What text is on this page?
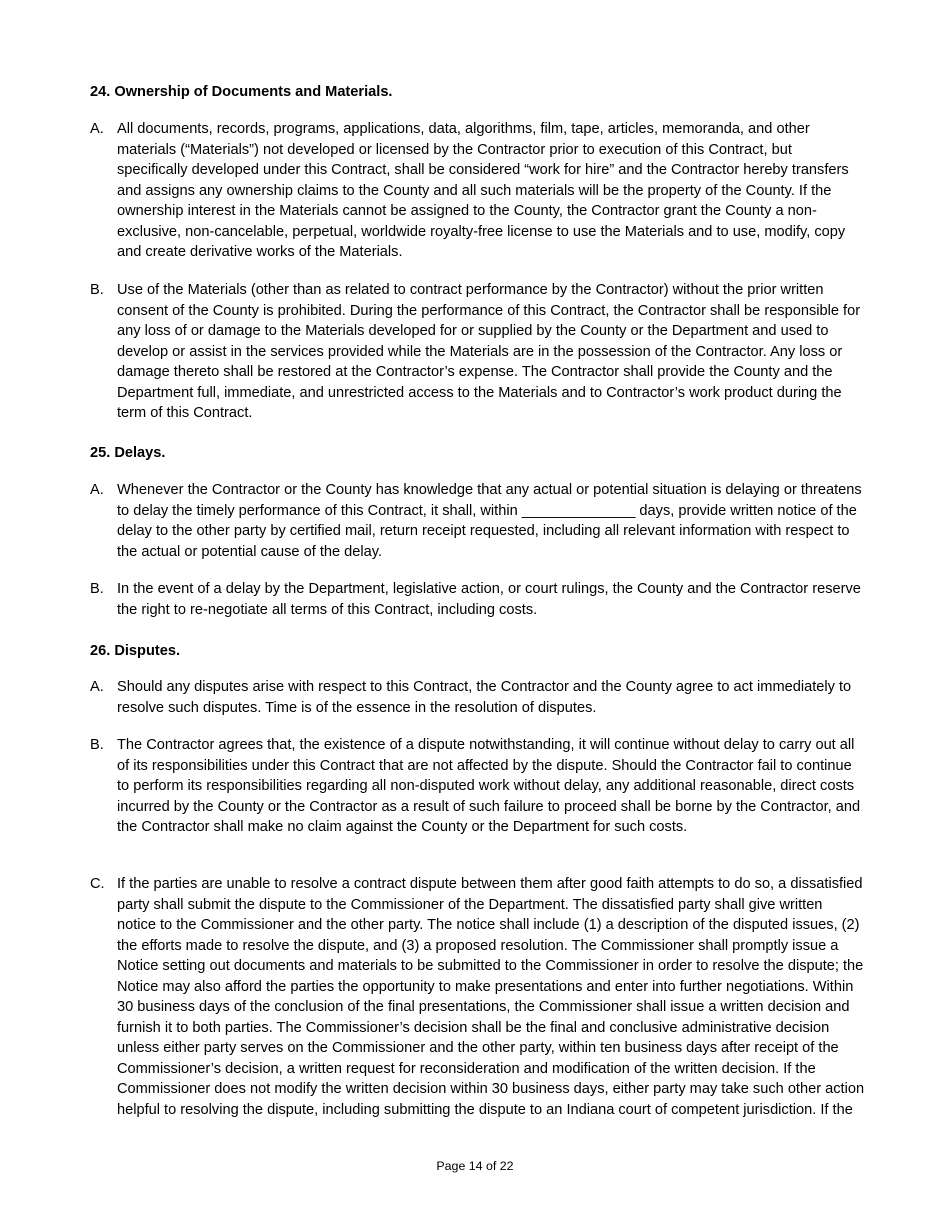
24. Ownership of Documents and Materials.
A. All documents, records, programs, applications, data, algorithms, film, tape, articles, memoranda, and other materials (“Materials”) not developed or licensed by the Contractor prior to execution of this Contract, but specifically developed under this Contract, shall be considered “work for hire” and the Contractor hereby transfers and assigns any ownership claims to the County and all such materials will be the property of the County. If the ownership interest in the Materials cannot be assigned to the County, the Contractor grant the County a non-exclusive, non-cancelable, perpetual, worldwide royalty-free license to use the Materials and to use, modify, copy and create derivative works of the Materials.
B. Use of the Materials (other than as related to contract performance by the Contractor) without the prior written consent of the County is prohibited. During the performance of this Contract, the Contractor shall be responsible for any loss of or damage to the Materials developed for or supplied by the County or the Department and used to develop or assist in the services provided while the Materials are in the possession of the Contractor. Any loss or damage thereto shall be restored at the Contractor’s expense. The Contractor shall provide the County and the Department full, immediate, and unrestricted access to the Materials and to Contractor’s work product during the term of this Contract.
25. Delays.
A. Whenever the Contractor or the County has knowledge that any actual or potential situation is delaying or threatens to delay the timely performance of this Contract, it shall, within ______________ days, provide written notice of the delay to the other party by certified mail, return receipt requested, including all relevant information with respect to the actual or potential cause of the delay.
B. In the event of a delay by the Department, legislative action, or court rulings, the County and the Contractor reserve the right to re-negotiate all terms of this Contract, including costs.
26. Disputes.
A. Should any disputes arise with respect to this Contract, the Contractor and the County agree to act immediately to resolve such disputes. Time is of the essence in the resolution of disputes.
B. The Contractor agrees that, the existence of a dispute notwithstanding, it will continue without delay to carry out all of its responsibilities under this Contract that are not affected by the dispute. Should the Contractor fail to continue to perform its responsibilities regarding all non-disputed work without delay, any additional reasonable, direct costs incurred by the County or the Contractor as a result of such failure to proceed shall be borne by the Contractor, and the Contractor shall make no claim against the County or the Department for such costs.
C. If the parties are unable to resolve a contract dispute between them after good faith attempts to do so, a dissatisfied party shall submit the dispute to the Commissioner of the Department. The dissatisfied party shall give written notice to the Commissioner and the other party. The notice shall include (1) a description of the disputed issues, (2) the efforts made to resolve the dispute, and (3) a proposed resolution. The Commissioner shall promptly issue a Notice setting out documents and materials to be submitted to the Commissioner in order to resolve the dispute; the Notice may also afford the parties the opportunity to make presentations and enter into further negotiations. Within 30 business days of the conclusion of the final presentations, the Commissioner shall issue a written decision and furnish it to both parties. The Commissioner’s decision shall be the final and conclusive administrative decision unless either party serves on the Commissioner and the other party, within ten business days after receipt of the Commissioner’s decision, a written request for reconsideration and modification of the written decision. If the Commissioner does not modify the written decision within 30 business days, either party may take such other action helpful to resolving the dispute, including submitting the dispute to an Indiana court of competent jurisdiction. If the
Page 14 of 22
